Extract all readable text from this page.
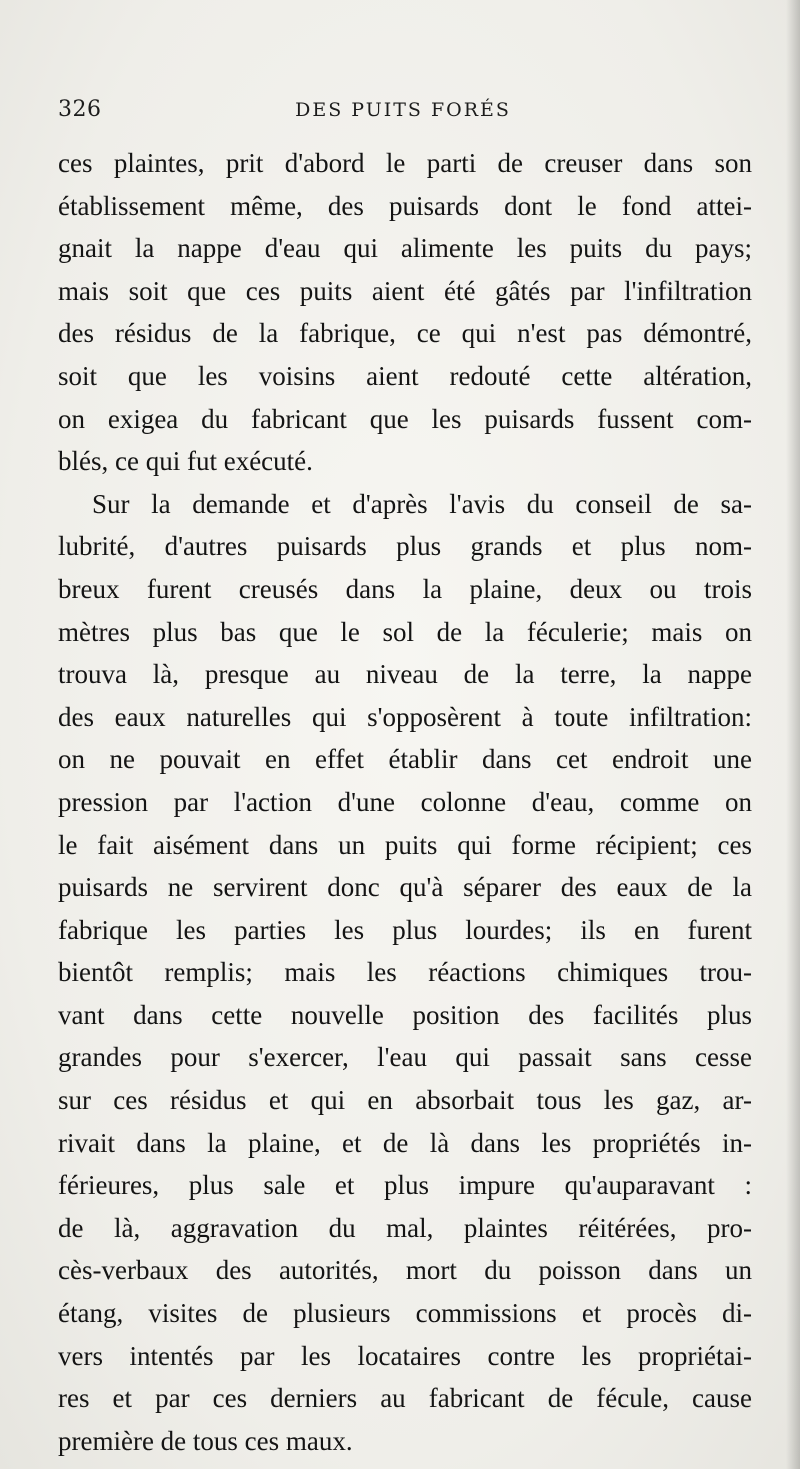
326	DES PUITS FORÉS
ces plaintes, prit d'abord le parti de creuser dans son
établissement même, des puisards dont le fond attei-
gnait la nappe d'eau qui alimente les puits du pays;
mais soit que ces puits aient été gâtés par l'infiltration
des résidus de la fabrique, ce qui n'est pas démontré,
soit que les voisins aient redouté cette altération,
on exigea du fabricant que les puisards fussent com-
blés, ce qui fut exécuté.
Sur la demande et d'après l'avis du conseil de sa-
lubrité, d'autres puisards plus grands et plus nom-
breux furent creusés dans la plaine, deux ou trois
mètres plus bas que le sol de la féculerie; mais on
trouva là, presque au niveau de la terre, la nappe
des eaux naturelles qui s'opposèrent à toute infiltration:
on ne pouvait en effet établir dans cet endroit une
pression par l'action d'une colonne d'eau, comme on
le fait aisément dans un puits qui forme récipient; ces
puisards ne servirent donc qu'à séparer des eaux de la
fabrique les parties les plus lourdes; ils en furent
bientôt remplis; mais les réactions chimiques trou-
vant dans cette nouvelle position des facilités plus
grandes pour s'exercer, l'eau qui passait sans cesse
sur ces résidus et qui en absorbait tous les gaz, ar-
rivait dans la plaine, et de là dans les propriétés in-
férieures, plus sale et plus impure qu'auparavant :
de là, aggravation du mal, plaintes réitérées, pro-
cès-verbaux des autorités, mort du poisson dans un
étang, visites de plusieurs commissions et procès di-
vers intentés par les locataires contre les propriétai-
res et par ces derniers au fabricant de fécule, cause
première de tous ces maux.
